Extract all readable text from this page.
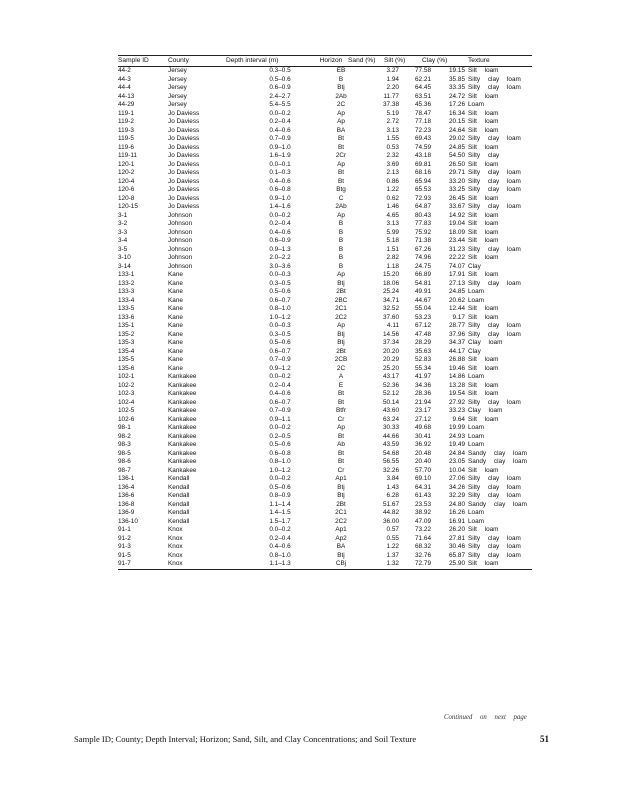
Sample ID	County	Depth interval (m)	Horizon Sand (%)	Silt (%)	Clay (%)	Texture
44-2	Jersey	0.3–0.5	EB	3.27	77.58	19.15 Silt loam
44-3	Jersey	0.5–0.6	B	1.94	62.21	35.85 Silty clay loam
44-4	Jersey	0.6–0.9	Btj	2.20	64.45	33.35 Silty clay loam
44-13	Jersey	2.4–2.7	2Ab	11.77	63.51	24.72 Silt loam
44-29	Jersey	5.4–5.5	2C	37.38	45.36	17.26 Loam
119-1	Jo Daviess	0.0–0.2	Ap	5.19	78.47	16.34 Silt loam
119-2	Jo Daviess	0.2–0.4	Ap	2.72	77.18	20.15 Silt loam
119-3	Jo Daviess	0.4–0.6	BA	3.13	72.23	24.64 Silt loam
119-5	Jo Daviess	0.7–0.9	Bt	1.55	69.43	29.02 Silty clay loam
119-6	Jo Daviess	0.9–1.0	Bt	0.53	74.59	24.85 Silt loam
119-11	Jo Daviess	1.6–1.9	2Cr	2.32	43.18	54.50 Silty clay
120-1	Jo Daviess	0.0–0.1	Ap	3.69	69.81	26.50 Silt loam
120-2	Jo Daviess	0.1–0.3	Bt	2.13	68.16	29.71 Silty clay loam
120-4	Jo Daviess	0.4–0.6	Bt	0.86	65.94	33.20 Silty clay loam
120-6	Jo Daviess	0.6–0.8	Btg	1.22	65.53	33.25 Silty clay loam
120-8	Jo Daviess	0.9–1.0	C	0.62	72.93	26.45 Silt loam
120-15	Jo Daviess	1.4–1.6	2Ab	1.46	64.87	33.67 Silty clay loam
3-1	Johnson	0.0–0.2	Ap	4.65	80.43	14.92 Silt loam
3-2	Johnson	0.2–0.4	B	3.13	77.83	19.04 Silt loam
3-3	Johnson	0.4–0.6	B	5.99	75.92	18.09 Silt loam
3-4	Johnson	0.6–0.9	B	5.18	71.38	23.44 Silt loam
3-5	Johnson	0.9–1.3	B	1.51	67.26	31.23 Silty clay loam
3-10	Johnson	2.0–2.2	B	2.82	74.96	22.22 Silt loam
3-14	Johnson	3.0–3.6	B	1.18	24.75	74.07 Clay
133-1	Kane	0.0–0.3	Ap	15.20	66.89	17.91 Silt loam
133-2	Kane	0.3–0.5	Btj	18.06	54.81	27.13 Silty clay loam
133-3	Kane	0.5–0.6	2Bt	25.24	49.91	24.85 Loam
133-4	Kane	0.6–0.7	2BC	34.71	44.67	20.62 Loam
133-5	Kane	0.8–1.0	2C1	32.52	55.04	12.44 Silt loam
133-6	Kane	1.0–1.2	2C2	37.60	53.23	9.17 Silt loam
135-1	Kane	0.0–0.3	Ap	4.11	67.12	28.77 Silty clay loam
135-2	Kane	0.3–0.5	Btj	14.56	47.48	37.96 Silty clay loam
135-3	Kane	0.5–0.6	Btj	37.34	28.29	34.37 Clay loam
135-4	Kane	0.6–0.7	2Bt	20.20	35.63	44.17 Clay
135-5	Kane	0.7–0.9	2CB	20.29	52.83	26.88 Silt loam
135-6	Kane	0.9–1.2	2C	25.20	55.34	19.46 Silt loam
102-1	Kankakee	0.0–0.2	A	43.17	41.97	14.86 Loam
102-2	Kankakee	0.2–0.4	E	52.36	34.36	13.28 Silt loam
102-3	Kankakee	0.4–0.6	Bt	52.12	28.36	19.54 Silt loam
102-4	Kankakee	0.6–0.7	Bt	50.14	21.94	27.92 Silty clay loam
102-5	Kankakee	0.7–0.9	Btfr	43.60	23.17	33.23 Clay loam
102-6	Kankakee	0.9–1.1	Cr	63.24	27.12	9.64 Silt loam
98-1	Kankakee	0.0–0.2	Ap	30.33	49.68	19.99 Loam
98-2	Kankakee	0.2–0.5	Bt	44.66	30.41	24.93 Loam
98-3	Kankakee	0.5–0.6	Ab	43.59	36.92	19.49 Loam
98-5	Kankakee	0.6–0.8	Bt	54.68	20.48	24.84 Sandy clay loam
98-6	Kankakee	0.8–1.0	Bt	56.55	20.40	23.05 Sandy clay loam
98-7	Kankakee	1.0–1.2	Cr	32.26	57.70	10.04 Silt loam
136-1	Kendall	0.0–0.2	Ap1	3.84	69.10	27.06 Silty clay loam
136-4	Kendall	0.5–0.6	Btj	1.43	64.31	34.26 Silty clay loam
136-6	Kendall	0.8–0.9	Btj	6.28	61.43	32.29 Silty clay loam
136-8	Kendall	1.1–1.4	2Bt	51.67	23.53	24.80 Sandy clay loam
136-9	Kendall	1.4–1.5	2C1	44.82	38.92	16.26 Loam
136-10	Kendall	1.5–1.7	2C2	36.00	47.09	16.91 Loam
91-1	Knox	0.0–0.2	Ap1	0.57	73.22	26.20 Silt loam
91-2	Knox	0.2–0.4	Ap2	0.55	71.64	27.81 Silty clay loam
91-3	Knox	0.4–0.6	BA	1.22	68.32	30.46 Silty clay loam
91-5	Knox	0.8–1.0	Btj	1.37	32.76	65.87 Silty clay loam
91-7	Knox	1.1–1.3	CBj	1.32	72.79	25.90 Silt loam
Continued on next page
Sample ID; County; Depth Interval; Horizon; Sand, Silt, and Clay Concentrations; and Soil Texture	51
